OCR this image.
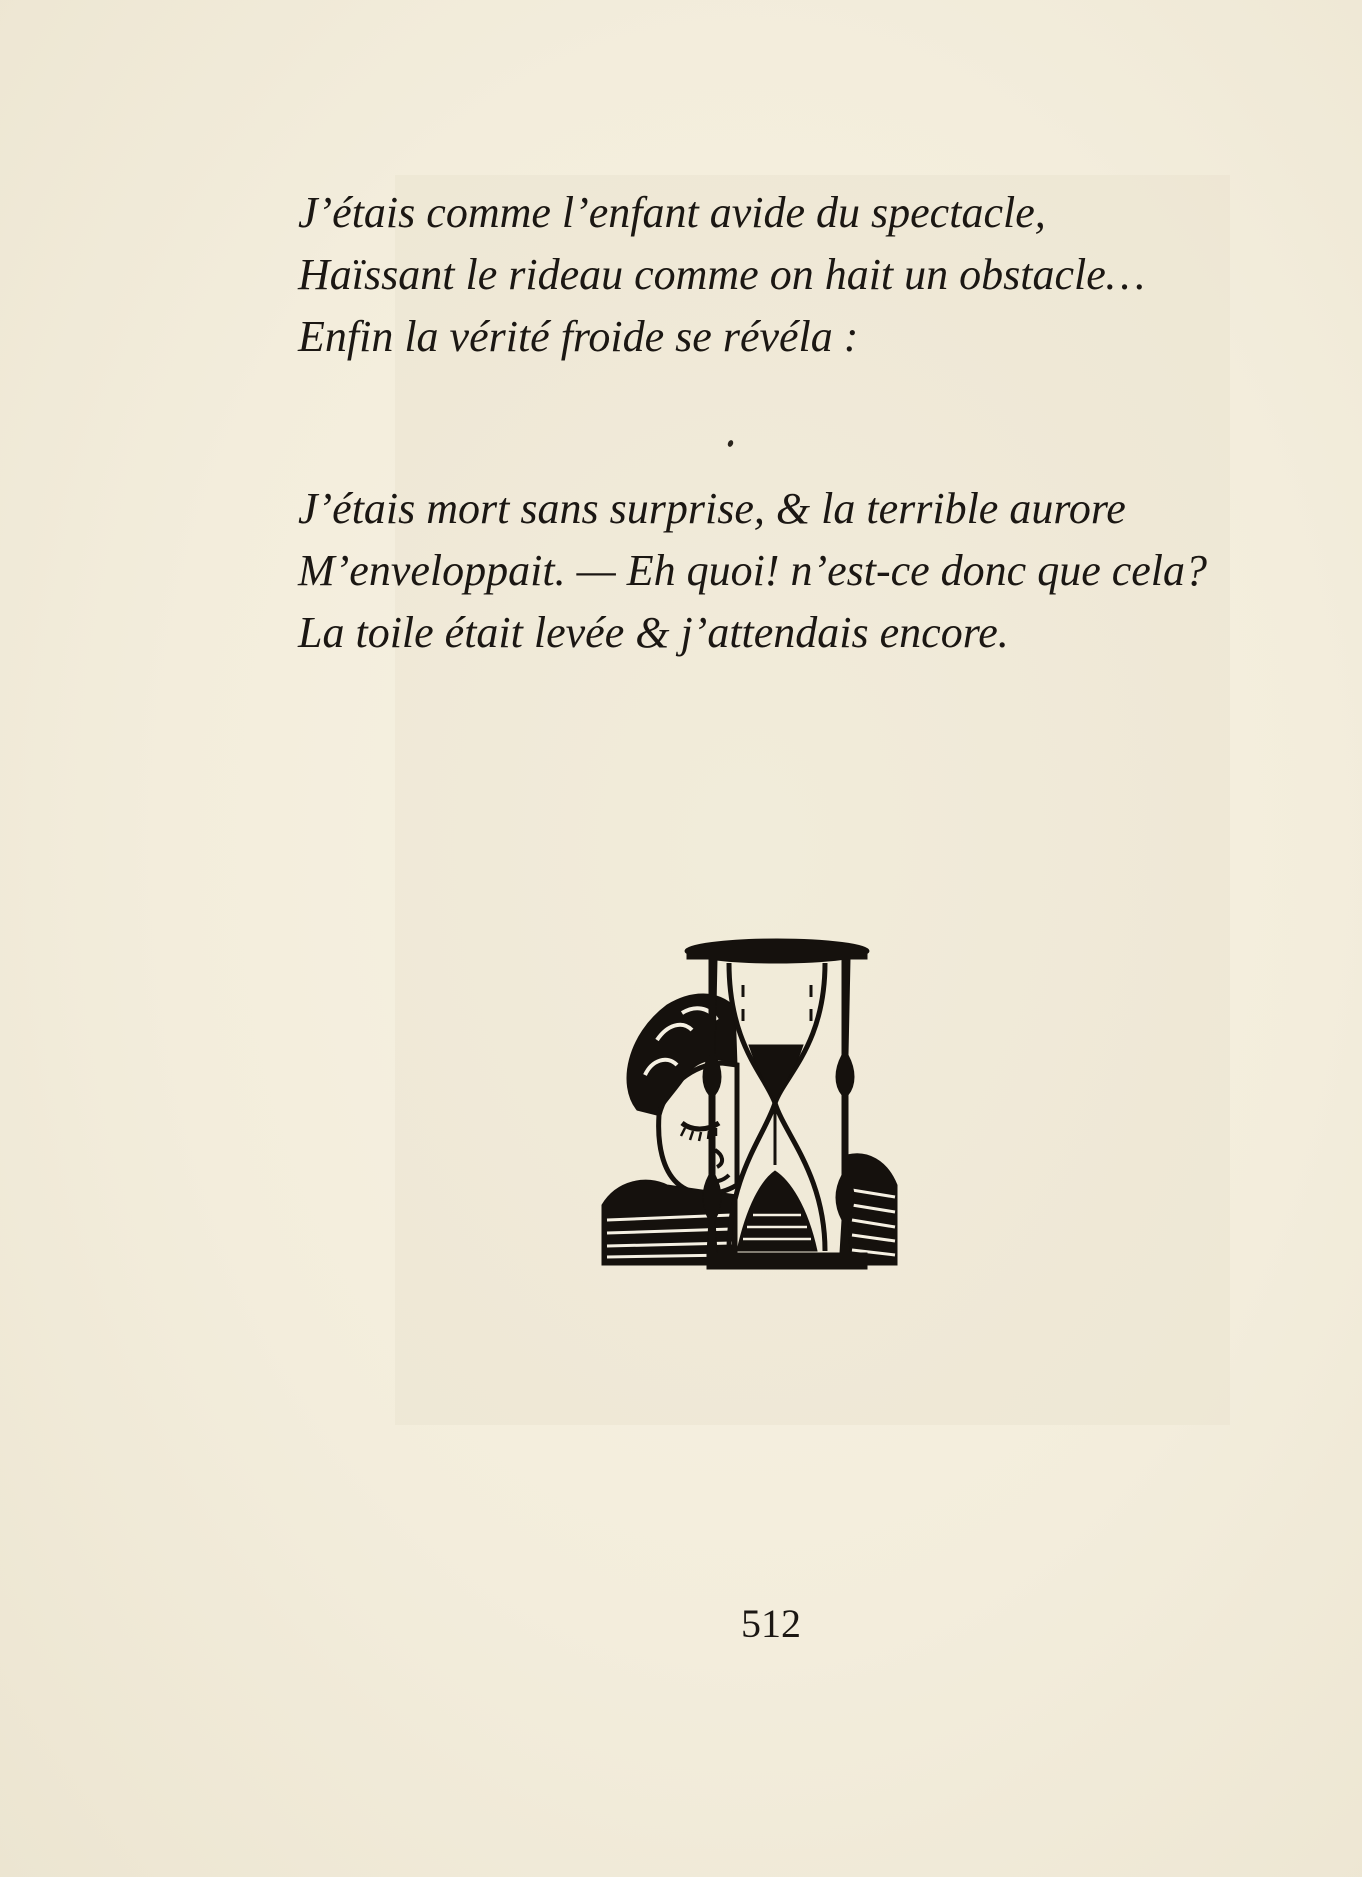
J’étais comme l’enfant avide du spectacle,
Haïssant le rideau comme on hait un obstacle…
Enfin la vérité froide se révéla :
J’étais mort sans surprise, & la terrible aurore
M’enveloppait. — Eh quoi! n’est-ce donc que cela?
La toile était levée & j’attendais encore.
512
